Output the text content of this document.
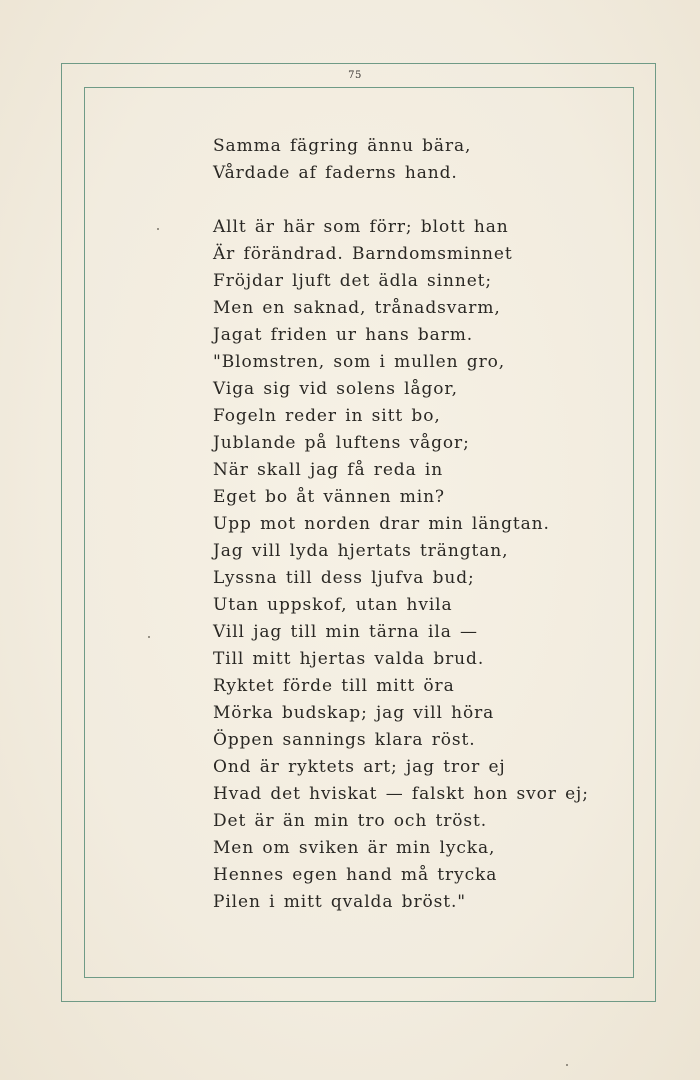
75
Samma fägring ännu bära,
Vårdade af faderns hand.
Allt är här som förr; blott han
Är förändrad. Barndomsminnet
Fröjdar ljuft det ädla sinnet;
Men en saknad, trånadsvarm,
Jagat friden ur hans barm.
"Blomstren, som i mullen gro,
Viga sig vid solens lågor,
Fogeln reder in sitt bo,
Jublande på luftens vågor;
När skall jag få reda in
Eget bo åt vännen min?
Upp mot norden drar min längtan.
Jag vill lyda hjertats trängtan,
Lyssna till dess ljufva bud;
Utan uppskof, utan hvila
Vill jag till min tärna ila —
Till mitt hjertas valda brud.
Ryktet förde till mitt öra
Mörka budskap; jag vill höra
Öppen sannings klara röst.
Ond är ryktets art; jag tror ej
Hvad det hviskat — falskt hon svor ej;
Det är än min tro och tröst.
Men om sviken är min lycka,
Hennes egen hand må trycka
Pilen i mitt qvalda bröst."
